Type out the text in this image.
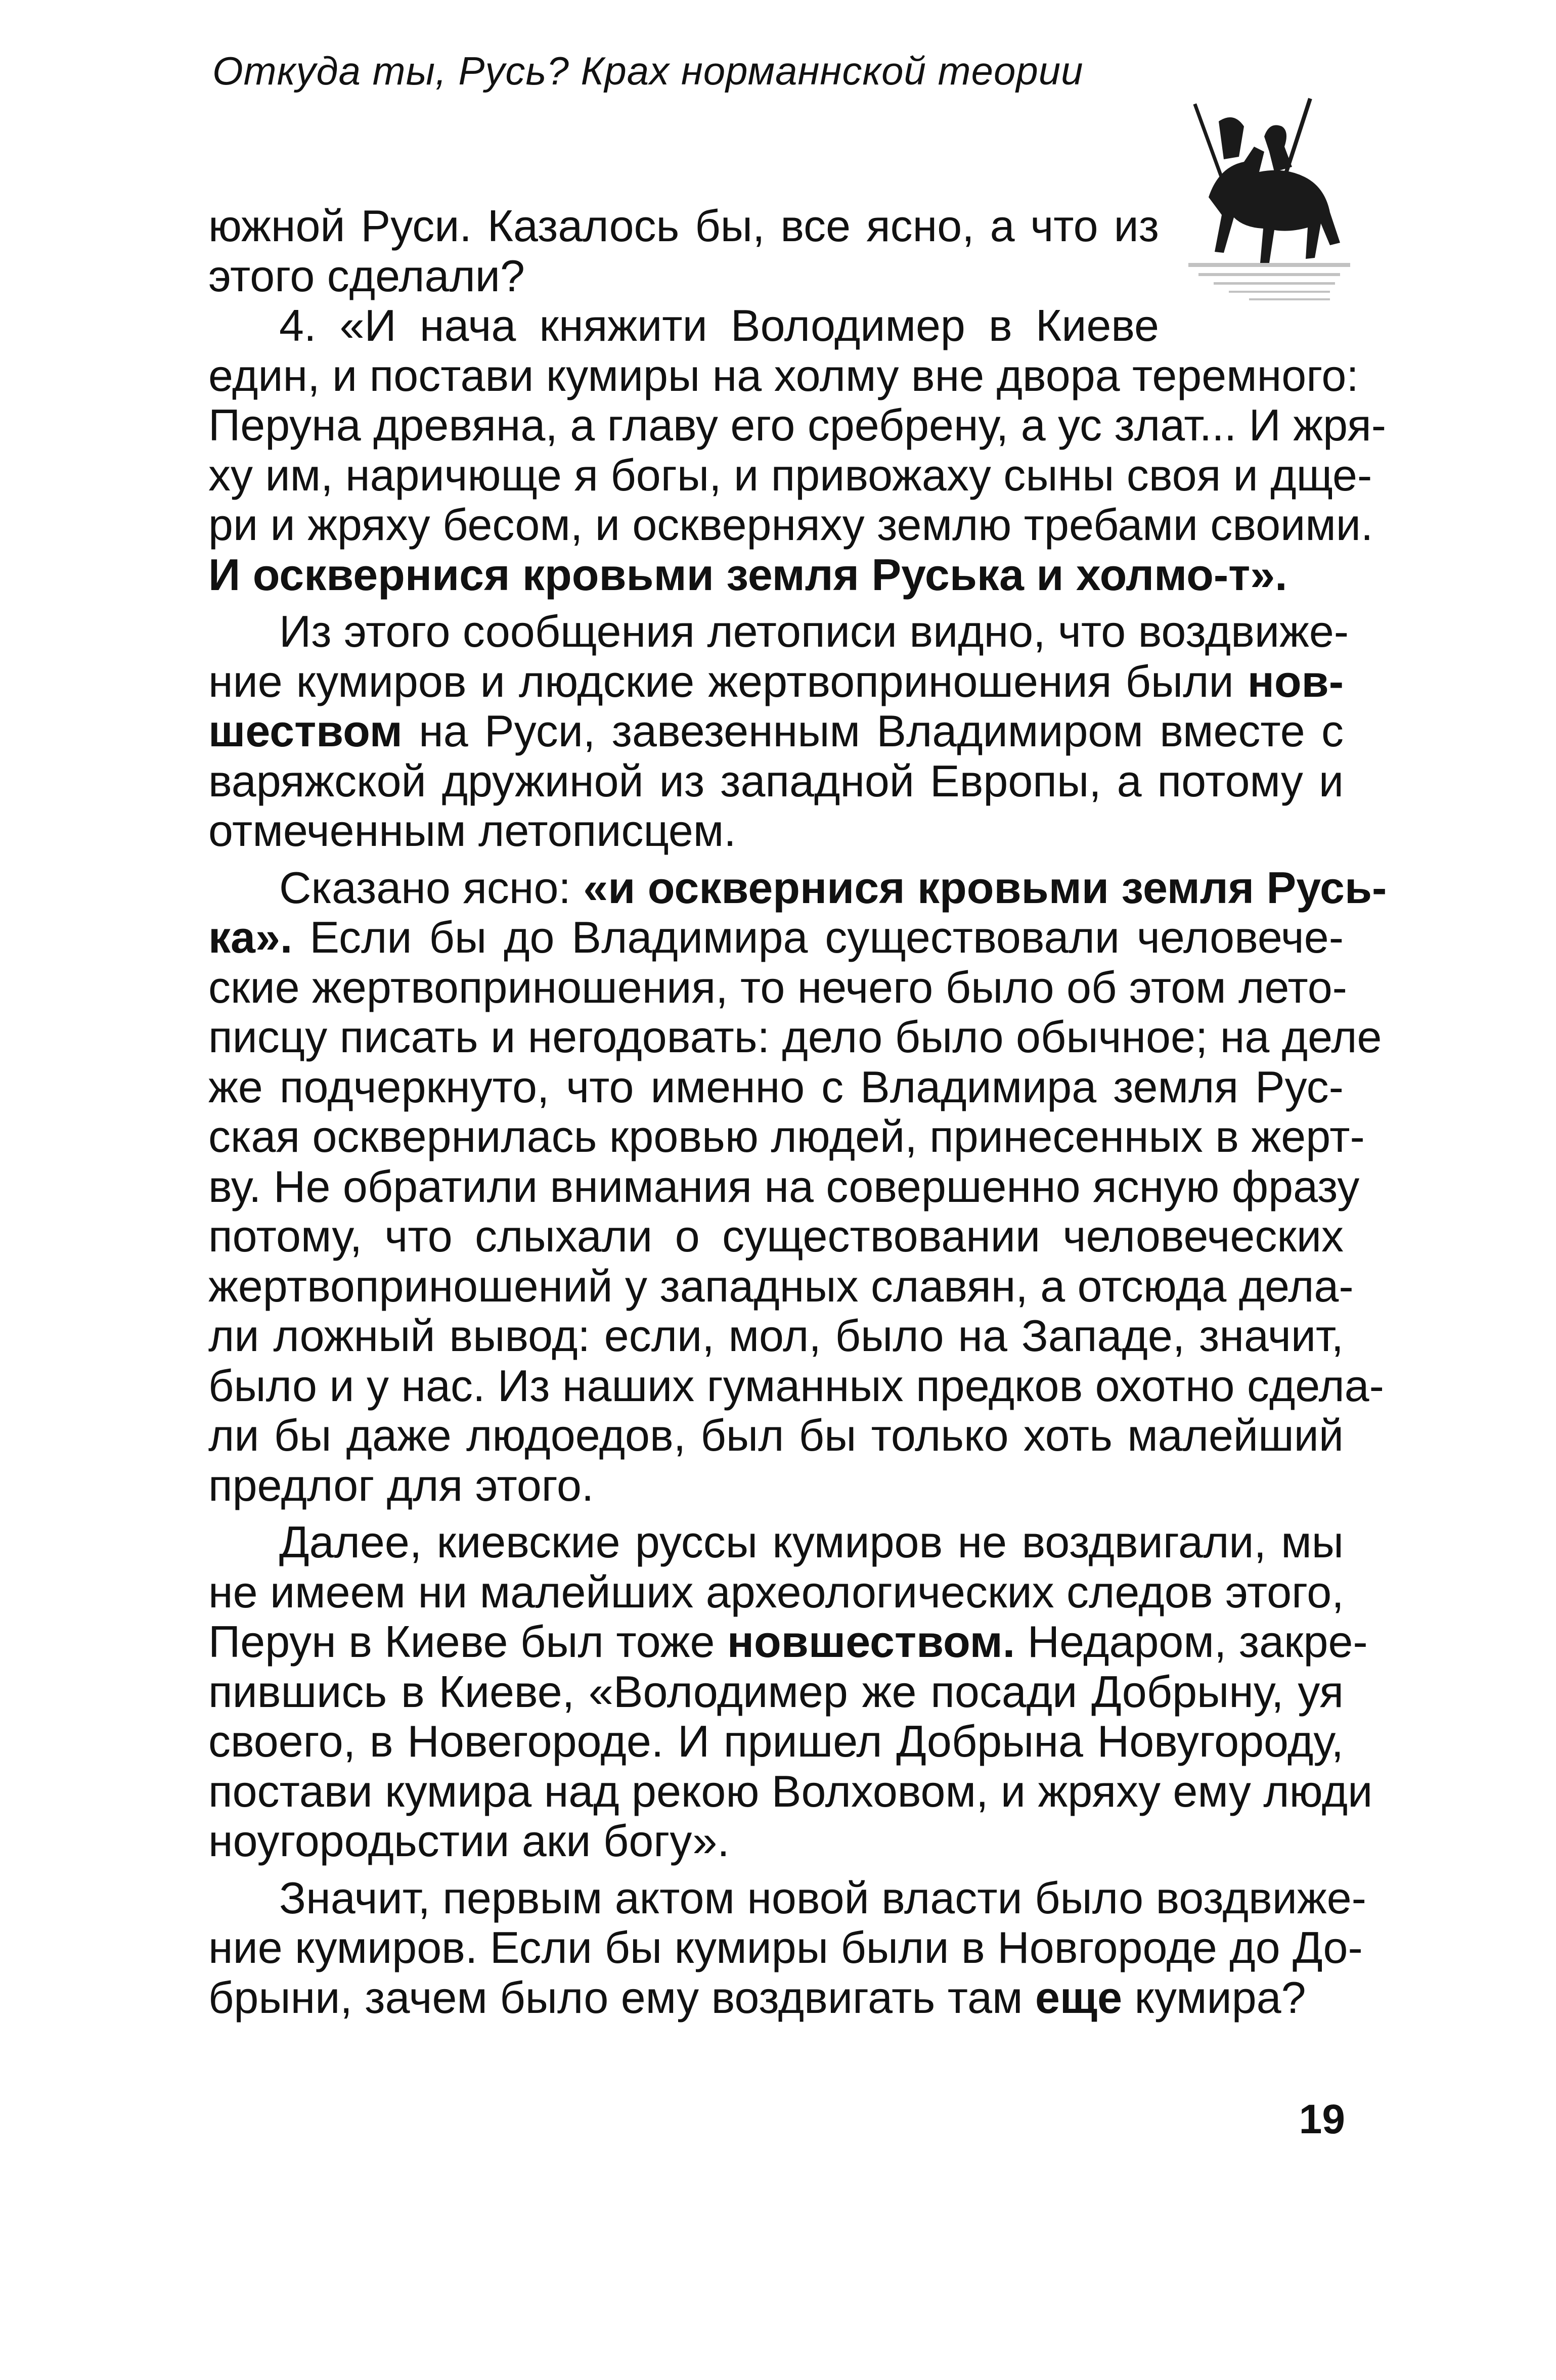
Откуда ты, Русь? Крах норманнской теории

южной Руси. Казалось бы, все ясно, а что из
этого сделали?

4. «И нача княжити Володимер в Киеве
един, и постави кумиры на холму вне двора теремного:
Перуна древяна, а главу его сребрену, а ус злат... И жря-
ху им, наричюще я богы, и привожаху сыны своя и дще-
ри и жряху бесом, и оскверняху землю требами своими.
И осквернися кровьми земля Руська и холмо-т».

Из этого сообщения летописи видно, что воздвиже-
ние кумиров и людские жертвоприношения были нов-
шеством на Руси, завезенным Владимиром вместе с
варяжской дружиной из западной Европы, а потому и
отмеченным летописцем.

Сказано ясно: «и осквернися кровьми земля Русь-
ка». Если бы до Владимира существовали человече-
ские жертвоприношения, то нечего было об этом лето-
писцу писать и негодовать: дело было обычное; на деле
же подчеркнуто, что именно с Владимира земля Рус-
ская осквернилась кровью людей, принесенных в жерт-
ву. Не обратили внимания на совершенно ясную фразу
потому, что слыхали о существовании человеческих
жертвоприношений у западных славян, а отсюда дела-
ли ложный вывод: если, мол, было на Западе, значит,
было и у нас. Из наших гуманных предков охотно сдела-
ли бы даже людоедов, был бы только хоть малейший
предлог для этого.

Далее, киевские руссы кумиров не воздвигали, мы
не имеем ни малейших археологических следов этого,
Перун в Киеве был тоже новшеством. Недаром, закре-
пившись в Киеве, «Володимер же посади Добрыну, уя
своего, в Новегороде. И пришел Добрына Новугороду,
постави кумира над рекою Волховом, и жряху ему люди
ноугородьстии аки богу».

Значит, первым актом новой власти было воздвиже-
ние кумиров. Если бы кумиры были в Новгороде до До-
брыни, зачем было ему воздвигать там еще кумира?

19
